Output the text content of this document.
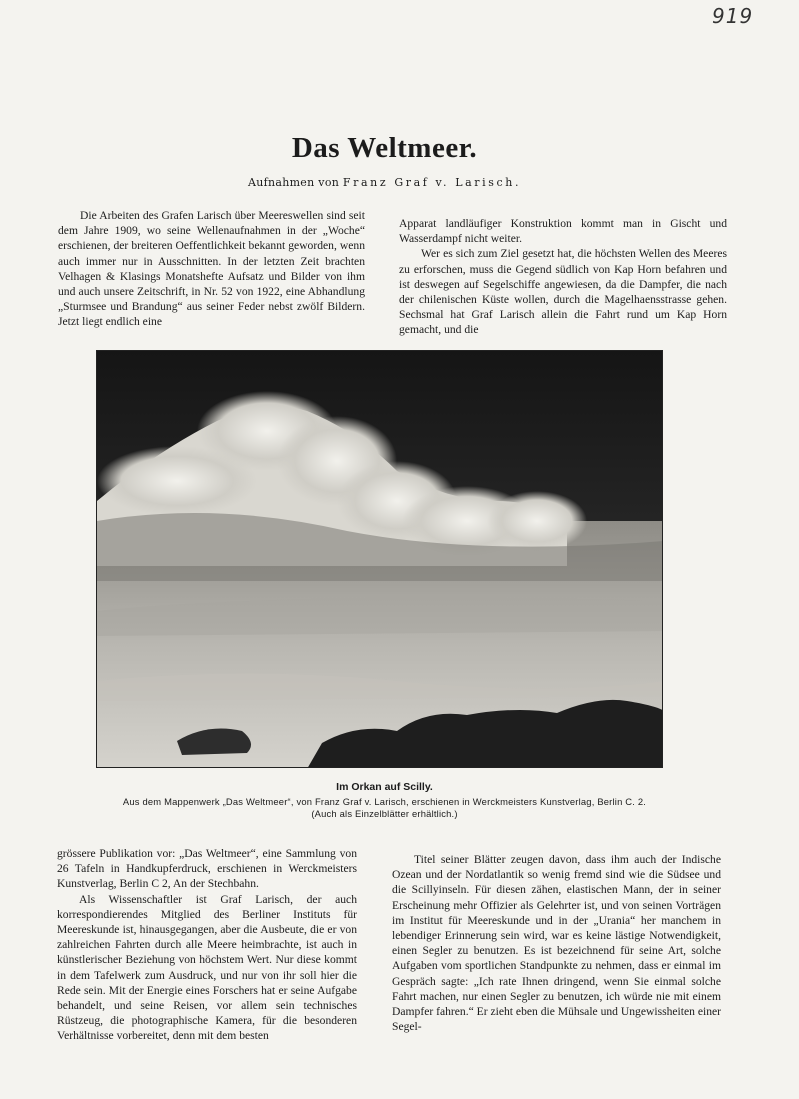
919
Das Weltmeer.
Aufnahmen von Franz Graf v. Larisch.

Die Arbeiten des Grafen Larisch über Meereswellen sind seit dem Jahre 1909, wo seine Wellenaufnahmen in der „Woche“ erschienen, der breiteren Oeffentlichkeit bekannt geworden, wenn auch immer nur in Ausschnitten. In der letzten Zeit brachten Velhagen & Klasings Monatshefte Aufsatz und Bilder von ihm und auch unsere Zeitschrift, in Nr. 52 von 1922, eine Abhandlung „Sturmsee und Brandung“ aus seiner Feder nebst zwölf Bildern. Jetzt liegt endlich eine

Apparat landläufiger Konstruktion kommt man in Gischt und Wasserdampf nicht weiter.

Wer es sich zum Ziel gesetzt hat, die höchsten Wellen des Meeres zu erforschen, muss die Gegend südlich von Kap Horn befahren und ist deswegen auf Segelschiffe angewiesen, da die Dampfer, die nach der chilenischen Küste wollen, durch die Magelhaensstrasse gehen. Sechsmal hat Graf Larisch allein die Fahrt rund um Kap Horn gemacht, und die

Im Orkan auf Scilly.
Aus dem Mappenwerk „Das Weltmeer“, von Franz Graf v. Larisch, erschienen in Werckmeisters Kunstverlag, Berlin C. 2.
(Auch als Einzelblätter erhältlich.)

grössere Publikation vor: „Das Weltmeer“, eine Sammlung von 26 Tafeln in Handkupferdruck, erschienen in Werckmeisters Kunstverlag, Berlin C 2, An der Stechbahn.

Als Wissenschaftler ist Graf Larisch, der auch korrespondierendes Mitglied des Berliner Instituts für Meereskunde ist, hinausgegangen, aber die Ausbeute, die er von zahlreichen Fahrten durch alle Meere heimbrachte, ist auch in künstlerischer Beziehung von höchstem Wert. Nur diese kommt in dem Tafelwerk zum Ausdruck, und nur von ihr soll hier die Rede sein. Mit der Energie eines Forschers hat er seine Aufgabe behandelt, und seine Reisen, vor allem sein technisches Rüstzeug, die photographische Kamera, für die besonderen Verhältnisse vorbereitet, denn mit dem besten

Titel seiner Blätter zeugen davon, dass ihm auch der Indische Ozean und der Nordatlantik so wenig fremd sind wie die Südsee und die Scillyinseln. Für diesen zähen, elastischen Mann, der in seiner Erscheinung mehr Offizier als Gelehrter ist, und von seinen Vorträgen im Institut für Meereskunde und in der „Urania“ her manchem in lebendiger Erinnerung sein wird, war es keine lästige Notwendigkeit, einen Segler zu benutzen. Es ist bezeichnend für seine Art, solche Aufgaben vom sportlichen Standpunkte zu nehmen, dass er einmal im Gespräch sagte: „Ich rate Ihnen dringend, wenn Sie einmal solche Fahrt machen, nur einen Segler zu benutzen, ich würde nie mit einem Dampfer fahren.“ Er zieht eben die Mühsale und Ungewissheiten einer Segel-
